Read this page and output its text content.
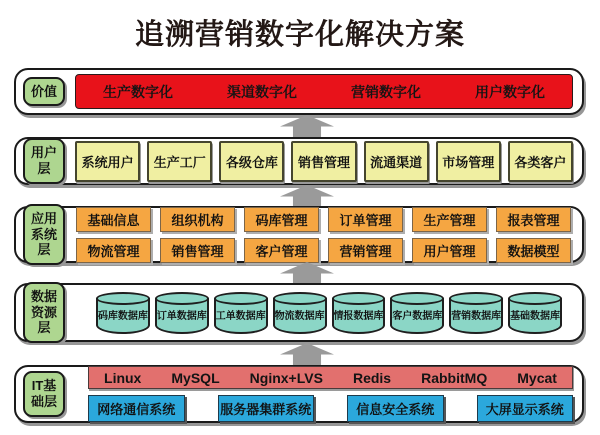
追溯营销数字化解决方案
价值	生产数字化	渠道数字化	营销数字化	用户数字化
用户
层	系统用户	生产工厂	各级仓库	销售管理	流通渠道	市场管理	各类客户
应用
系统
层
基础信息	组织机构	码库管理	订单管理	生产管理	报表管理
物流管理	销售管理	客户管理	营销管理	用户管理	数据模型
数据
资源
层
码库数据库 订单数据库 工单数据库 物流数据库 情报数据库 客户数据库 营销数据库 基础数据库
IT基
础层
Linux MySQL Nginx+LVS Redis RabbitMQ Mycat
网络通信系统	服务器集群系统	信息安全系统	大屏显示系统
